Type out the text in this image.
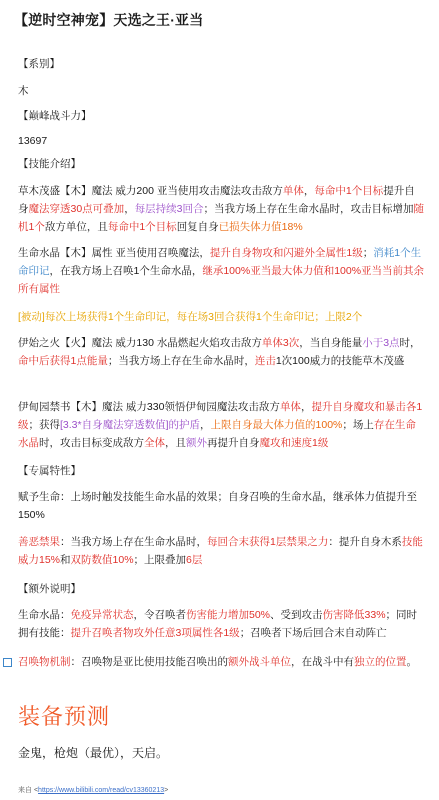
【逆时空神宠】天选之王·亚当
【系别】
木
【巅峰战斗力】
13697
【技能介绍】
草木茂盛【木】魔法 威力200 亚当使用攻击魔法攻击敌方单体，每命中1个目标提升自身魔法穿透30点可叠加，每层持续3回合；当我方场上存在生命水晶时，攻击目标增加随机1个敌方单位，且每命中1个目标回复自身已损失体力值18%
生命水晶【木】属性 亚当使用召唤魔法，提升自身物攻和闪避外全属性1级；消耗1个生命印记，在我方场上召唤1个生命水晶，继承100%亚当最大体力值和100%亚当当前其余所有属性
[被动]每次上场获得1个生命印记，每在场3回合获得1个生命印记；上限2个
伊始之火【火】魔法 威力130 水晶燃起火焰攻击敌方单体3次，当自身能量小于3点时，命中后获得1点能量；当我方场上存在生命水晶时，连击1次100威力的技能草木茂盛
伊甸园禁书【木】魔法 威力330领悟伊甸园魔法攻击敌方单体，提升自身魔攻和暴击各1级；获得[3.3*自身魔法穿透数值]的护盾，上限自身最大体力值的100%；场上存在生命水晶时，攻击目标变成敌方全体，且额外再提升自身魔攻和速度1级
【专属特性】
赋予生命：上场时触发技能生命水晶的效果；自身召唤的生命水晶，继承体力值提升至150%
善恶禁果：当我方场上存在生命水晶时，每回合末获得1层禁果之力：提升自身木系技能威力15%和双防数值10%；上限叠加6层
【额外说明】
生命水晶：免疫异常状态，令召唤者伤害能力增加50%、受到攻击伤害降低33%；同时拥有技能：提升召唤者物攻外任意3项属性各1级；召唤者下场后回合末自动阵亡
召唤物机制：召唤物是亚比使用技能召唤出的额外战斗单位，在战斗中有独立的位置。
装备预测
金鬼，枪炮（最优），天启。
来自 <https://www.bilibili.com/read/cv13360213>
